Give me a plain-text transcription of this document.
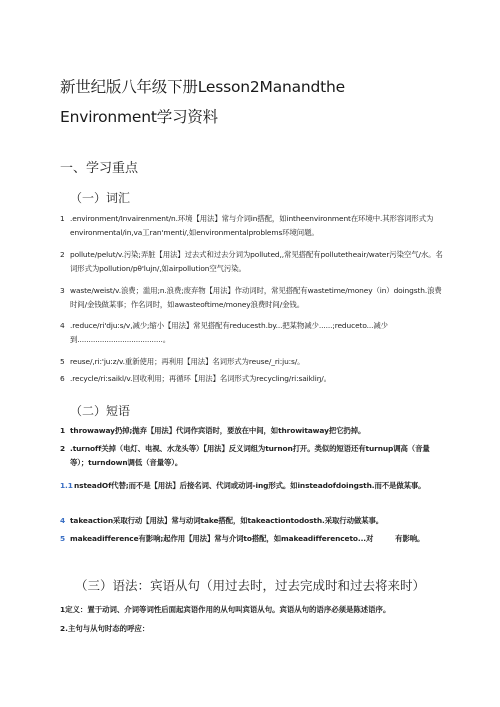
新世纪版八年级下册Lesson2Manandthe
Environment学习资料
一、学习重点
（一）词汇
1 .environment/Invairenment/n.环境【用法】常与介词in搭配，如intheenvironment在环境中.其形容词形式为environmental/in,va工ran'menti/,如environmentalproblems环境问题。
2 pollute/pelut/v.污染;弄脏【用法】过去式和过去分词为polluted,,常见搭配有pollutetheair/water污染空气/水。名词形式为pollution/pθ'lujn/,如airpollution空气污染。
3 waste/weist/v.浪费；滥用;n.浪费;废弃物【用法】作动词时，常见搭配有wastetime/money（in）doingsth.浪费时间/金钱做某事；作名词时，如awasteoftime/money浪费时间/金钱。
4 .reduce/ri'dju:s/v,减少;缩小【用法】常见搭配有reducesth.by...把某物减少......;reduceto...减少到......................................。
5 reuse/,ri:'ju:z/v.重新使用；再利用【用法】名词形式为reuse/_ri:ju:s/。
6 .recycle/ri:saikl/v.回收利用；再循环【用法】名词形式为recycling/ri:saikliŋ/。
（二）短语
1 throwaway扔掉;抛弃【用法】代词作宾语时，要放在中间，如throwitaway把它扔掉。
2 .turnoff关掉（电灯、电视、水龙头等）【用法】反义词组为turnon打开。类似的短语还有turnup调高（音量等）；turndown调低（音量等）。
1.1 nsteadOf代替;而不是【用法】后接名词、代词或动词-ing形式。如insteadofdoingsth.而不是做某事。
4 takeaction采取行动【用法】常与动词take搭配，如takeactiontodosth.采取行动做某事。
5 makeadifference有影响;起作用【用法】常与介词to搭配，如makeadifferenceto...对　　　有影响。
（三）语法：宾语从句（用过去时，过去完成时和过去将来时）
1定义：置于动词、介词等词性后面起宾语作用的从句叫宾语从句。宾语从句的语序必须是陈述语序。
2.主句与从句时态的呼应：
